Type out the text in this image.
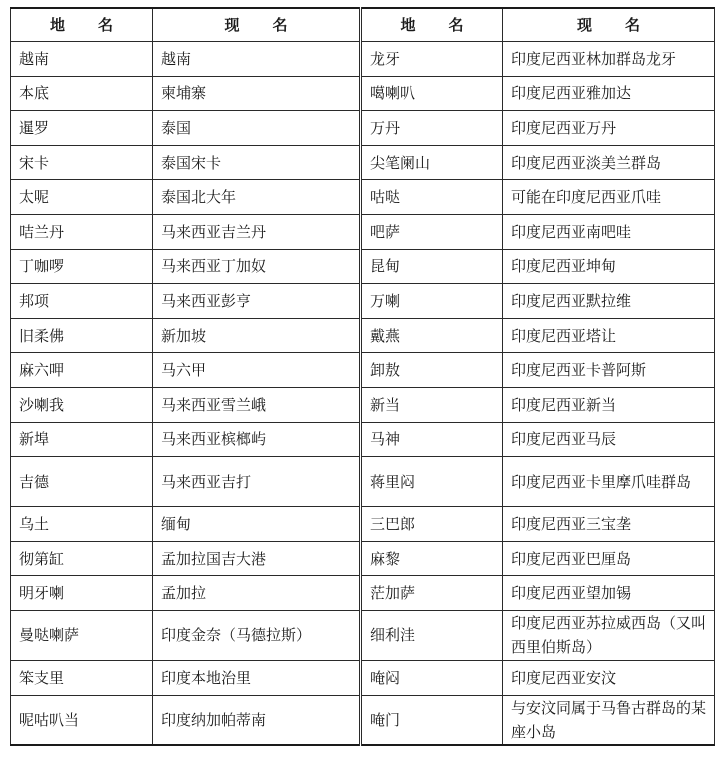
地名	现名	地名	现名
越南	越南	龙牙	印度尼西亚林加群岛龙牙
本底	柬埔寨	噶喇叭	印度尼西亚雅加达
暹罗	泰国	万丹	印度尼西亚万丹
宋卡	泰国宋卡	尖笔阑山	印度尼西亚淡美兰群岛
太呢	泰国北大年	咕哒	可能在印度尼西亚爪哇
咭兰丹	马来西亚吉兰丹	吧萨	印度尼西亚南吧哇
丁咖啰	马来西亚丁加奴	昆甸	印度尼西亚坤甸
邦项	马来西亚彭亨	万喇	印度尼西亚默拉维
旧柔佛	新加坡	戴燕	印度尼西亚塔让
麻六呷	马六甲	卸敖	印度尼西亚卡普阿斯
沙喇我	马来西亚雪兰峨	新当	印度尼西亚新当
新埠	马来西亚槟榔屿	马神	印度尼西亚马辰
吉德	马来西亚吉打	蒋里闷	印度尼西亚卡里摩爪哇群岛

乌土	缅甸	三巴郎	印度尼西亚三宝垄
彻第缸	孟加拉国吉大港	麻黎	印度尼西亚巴厘岛
明牙喇	孟加拉	茫加萨	印度尼西亚望加锡
曼哒喇萨	印度金奈（马德拉斯）	细利洼	印度尼西亚苏拉威西岛（又叫西里伯斯岛）

笨支里	印度本地治里	唵闷	印度尼西亚安汶
呢咕叭当	印度纳加帕蒂南	唵门	与安汶同属于马鲁古群岛的某座小岛
